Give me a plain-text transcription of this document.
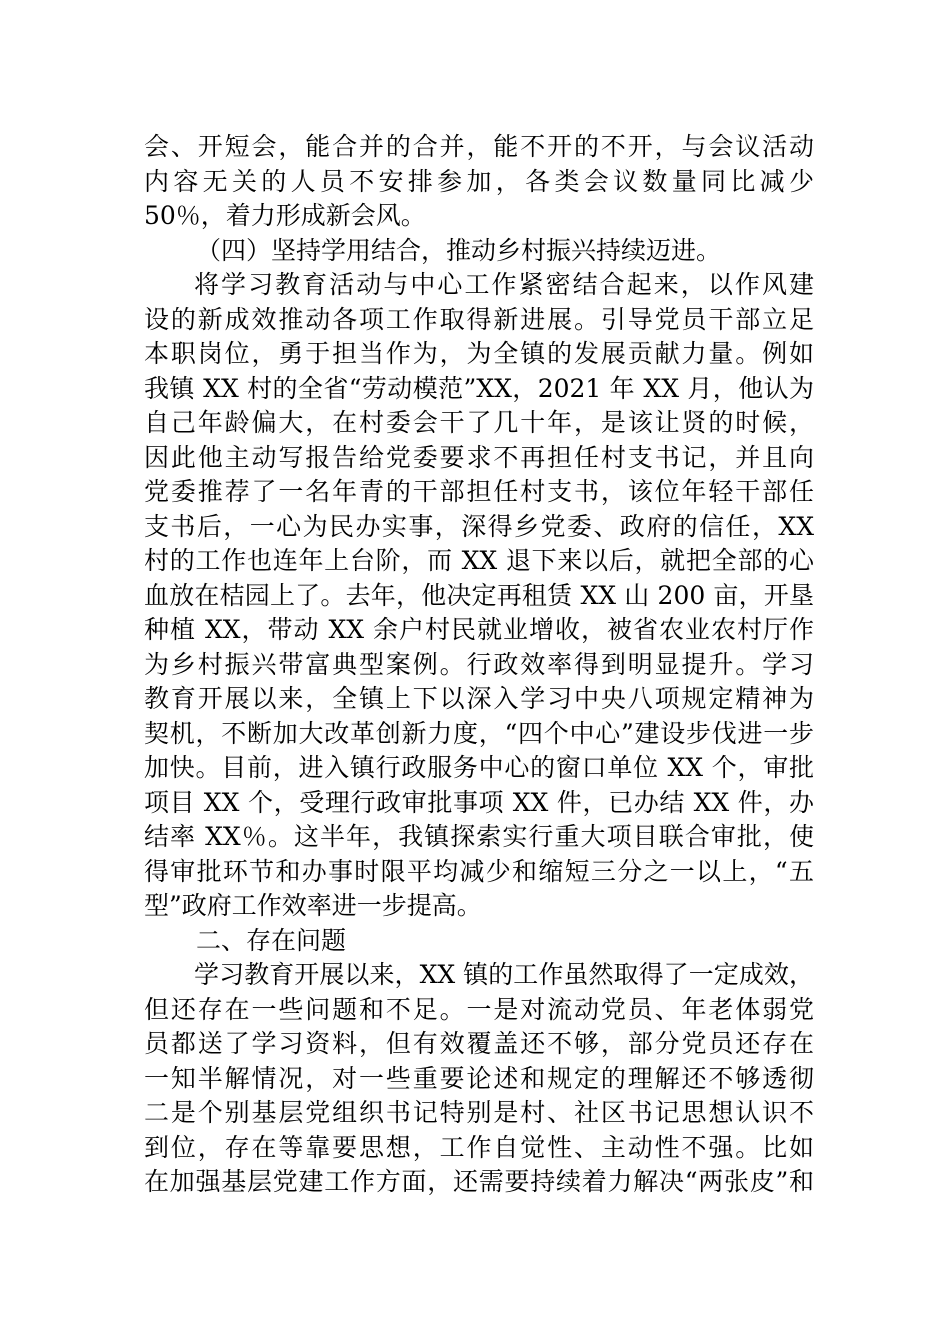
会、开短会，能合并的合并，能不开的不开，与会议活动
内容无关的人员不安排参加，各类会议数量同比减少
50％，着力形成新会风。
（四）坚持学用结合，推动乡村振兴持续迈进。
将学习教育活动与中心工作紧密结合起来，以作风建
设的新成效推动各项工作取得新进展。引导党员干部立足
本职岗位，勇于担当作为，为全镇的发展贡献力量。例如
我镇 XX 村的全省“劳动模范”XX，2021 年 XX 月，他认为
自己年龄偏大，在村委会干了几十年，是该让贤的时候，
因此他主动写报告给党委要求不再担任村支书记，并且向
党委推荐了一名年青的干部担任村支书，该位年轻干部任
支书后，一心为民办实事，深得乡党委、政府的信任，XX
村的工作也连年上台阶，而 XX 退下来以后，就把全部的心
血放在桔园上了。去年，他决定再租赁 XX 山 200 亩，开垦
种植 XX，带动 XX 余户村民就业增收，被省农业农村厅作
为乡村振兴带富典型案例。行政效率得到明显提升。学习
教育开展以来，全镇上下以深入学习中央八项规定精神为
契机，不断加大改革创新力度，“四个中心”建设步伐进一步
加快。目前，进入镇行政服务中心的窗口单位 XX 个，审批
项目 XX 个，受理行政审批事项 XX 件，已办结 XX 件，办
结率 XX％。这半年，我镇探索实行重大项目联合审批，使
得审批环节和办事时限平均减少和缩短三分之一以上，“五
型”政府工作效率进一步提高。
二、存在问题
学习教育开展以来，XX 镇的工作虽然取得了一定成效，
但还存在一些问题和不足。一是对流动党员、年老体弱党
员都送了学习资料，但有效覆盖还不够，部分党员还存在
一知半解情况，对一些重要论述和规定的理解还不够透彻
二是个别基层党组织书记特别是村、社区书记思想认识不
到位，存在等靠要思想，工作自觉性、主动性不强。比如
在加强基层党建工作方面，还需要持续着力解决“两张皮”和
